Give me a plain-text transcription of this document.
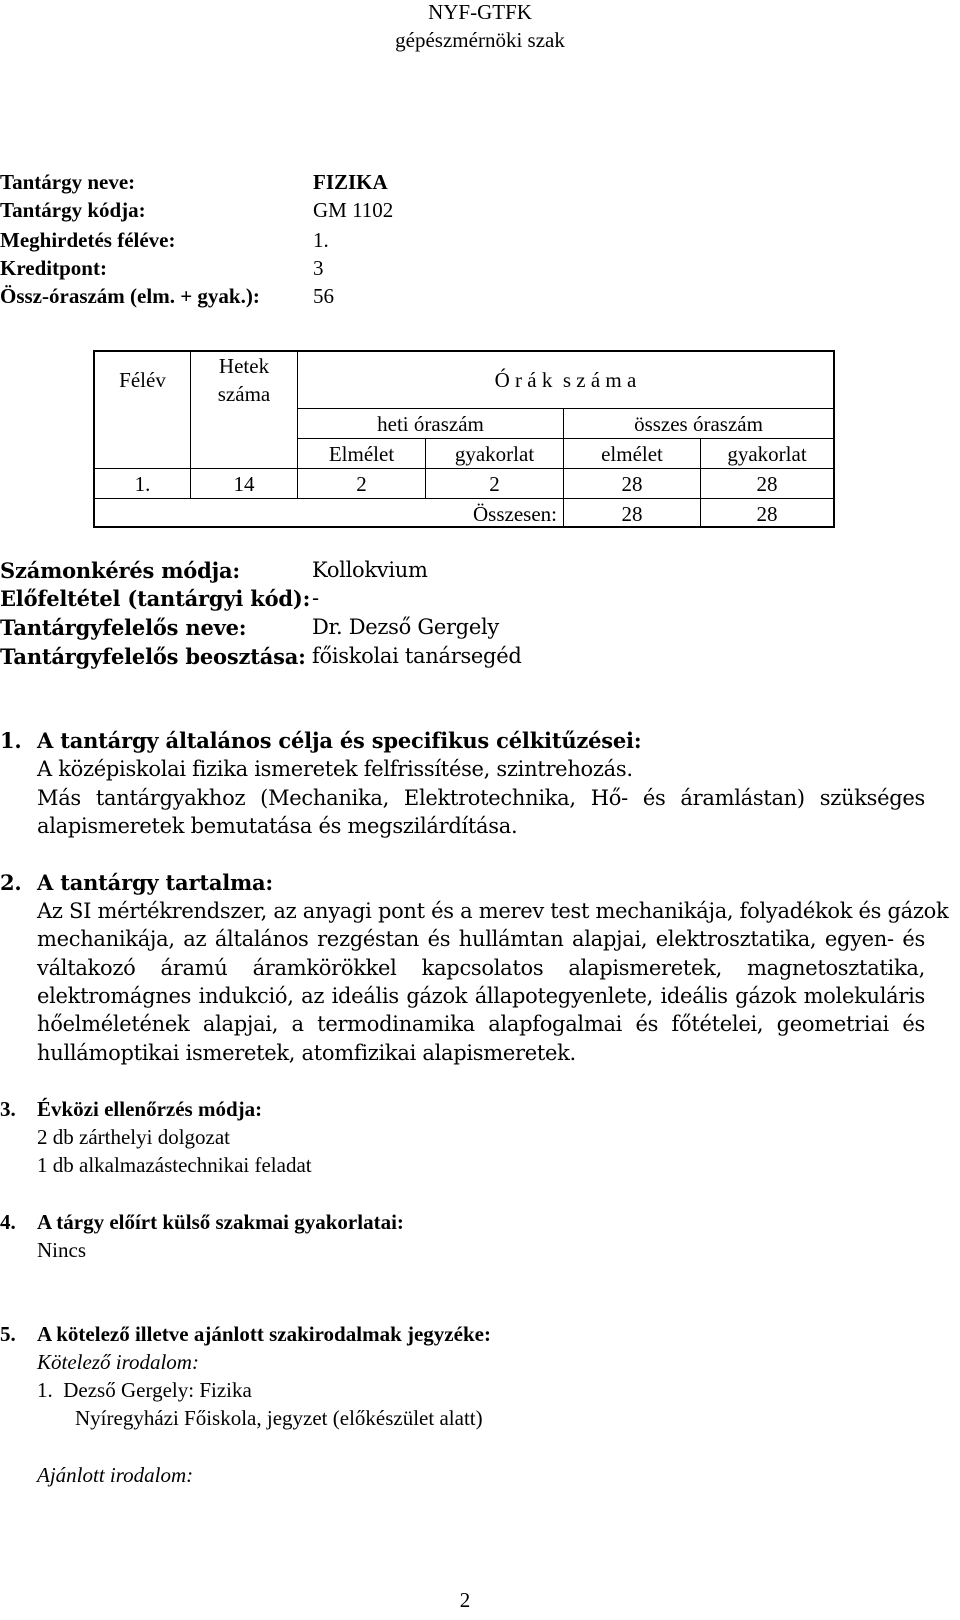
NYF-GTFK
gépészmérnöki szak
Tantárgy neve:	FIZIKA
Tantárgy kódja:	GM 1102
Meghirdetés féléve:	1.
Kreditpont:	3
Össz-óraszám (elm. + gyak.):	56
Félév
Hetek
száma
Ó r á k  s z á m a
heti óraszám	összes óraszám
Elmélet	gyakorlat	elmélet	gyakorlat
1.	14	2	2	28	28
Összesen:	28	28
Számonkérés módja:	Kollokvium
Előfeltétel (tantárgyi kód): -
Tantárgyfelelős neve:	Dr. Dezső Gergely
Tantárgyfelelős beosztása: főiskolai tanársegéd
1. A tantárgy általános célja és specifikus célkitűzései:
A középiskolai fizika ismeretek felfrissítése, szintrehozás.
Más tantárgyakhoz (Mechanika, Elektrotechnika, Hő- és áramlástan) szükséges
alapismeretek bemutatása és megszilárdítása.
2. A tantárgy tartalma:
Az SI mértékrendszer, az anyagi pont és a merev test mechanikája, folyadékok és gázok
mechanikája, az általános rezgéstan és hullámtan alapjai, elektrosztatika, egyen- és
váltakozó áramú áramkörökkel kapcsolatos alapismeretek, magnetosztatika,
elektromágnes indukció, az ideális gázok állapotegyenlete, ideális gázok molekuláris
hőelméletének alapjai, a termodinamika alapfogalmai és főtételei, geometriai és
hullámoptikai ismeretek, atomfizikai alapismeretek.
3. Évközi ellenőrzés módja:
2 db zárthelyi dolgozat
1 db alkalmazástechnikai feladat
4. A tárgy előírt külső szakmai gyakorlatai:
Nincs
5. A kötelező illetve ajánlott szakirodalmak jegyzéke:
Kötelező irodalom:
1.  Dezső Gergely: Fizika
Nyíregyházi Főiskola, jegyzet (előkészület alatt)
Ajánlott irodalom:
2
